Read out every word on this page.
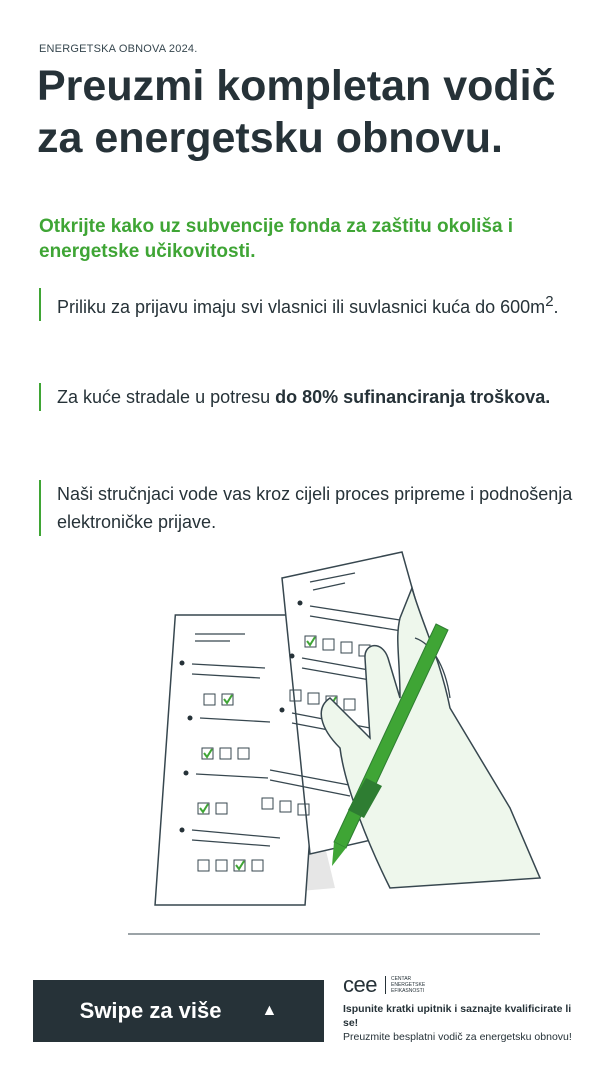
ENERGETSKA OBNOVA 2024.
Preuzmi kompletan vodič za energetsku obnovu.

Otkrijte kako uz subvencije fonda za zaštitu okoliša i energetske učikovitosti.

Priliku za prijavu imaju svi vlasnici ili suvlasnici kuća do $600m^2$.
Za kuće stradale u potresu do 80% sufinanciranja troškova.
Naši stručnjaci vode vas kroz cijeli proces pripreme i podnošenja elektroničke prijave.
Swipe za više	▲
cee	CENTAR ENERGETSKE EFIKASNOSTI
Ispunite kratki upitnik i saznajte kvalificirate li se!
Preuzmite besplatni vodič za energetsku obnovu!
